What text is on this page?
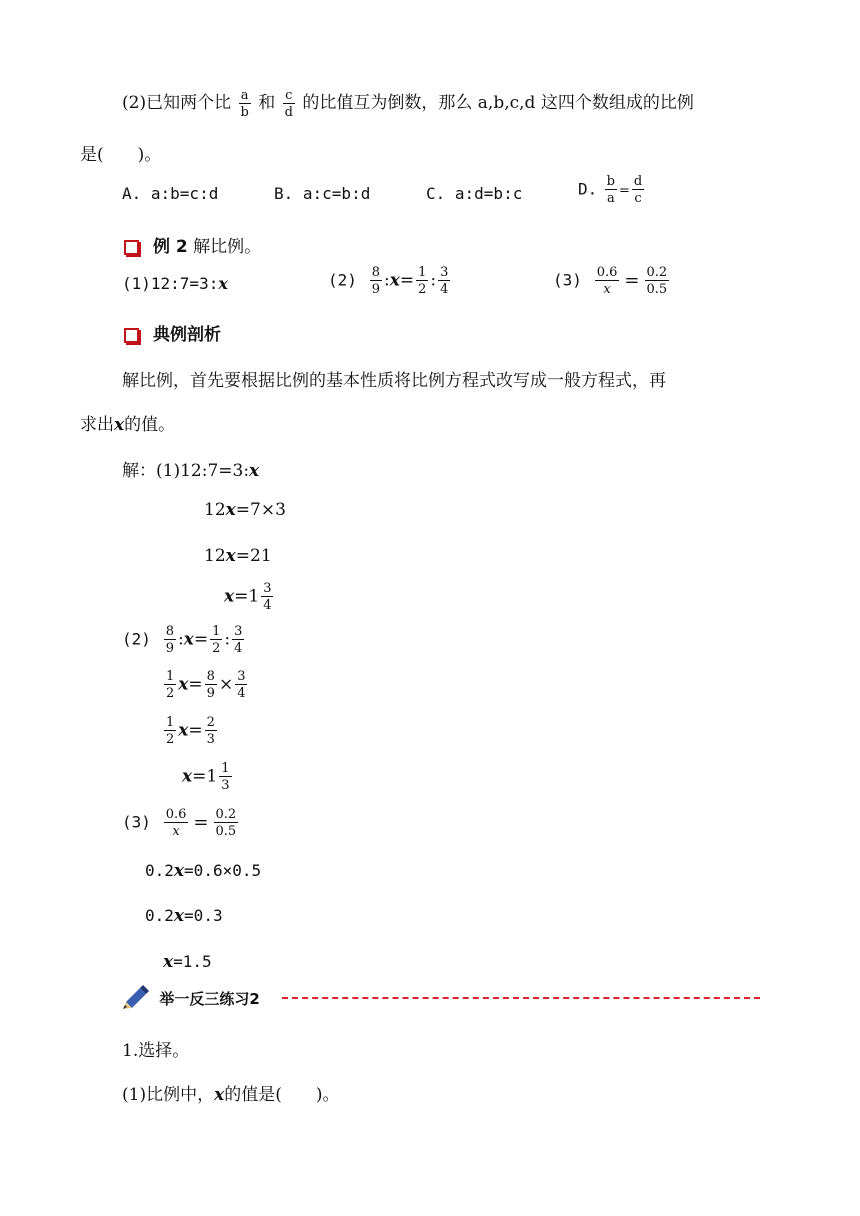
(2)已知两个比 $\frac{a}{b}$ 和 $\frac{c}{d}$ 的比值互为倒数，那么 a,b,c,d 这四个数组成的比例
是(　　)。
A. a:b=c:d	B. a:c=b:d	C. a:d=b:c	D. $\frac{b}{a} = \frac{d}{c}$
例 2 解比例。
(1)12:7=3:x	$(2) \frac{8}{9}$ :x= $\frac{1}{2}$ : $\frac{3}{4}$	$(3) \frac{0.6}{x} = \frac{0.2}{0.5}$
典例剖析
解比例，首先要根据比例的基本性质将比例方程式改写成一般方程式，再
求出x的值。
解：(1)12:7=3:x
12x=7×3
12x=21
$x=1 \frac{3}{4}$
$(2) \frac{8}{9}$ :x= $\frac{1}{2}$ : $\frac{3}{4}$
$\frac{1}{2} x= \frac{8}{9} \times \frac{3}{4}$
$\frac{1}{2} x= \frac{2}{3}$
$x=1 \frac{1}{3}$
$(3) \frac{0.6}{x} = \frac{0.2}{0.5}$
0.2x=0.6×0.5
0.2x=0.3
x=1.5
举一反三练习2
1.选择。
(1)比例中，x的值是(　　)。
